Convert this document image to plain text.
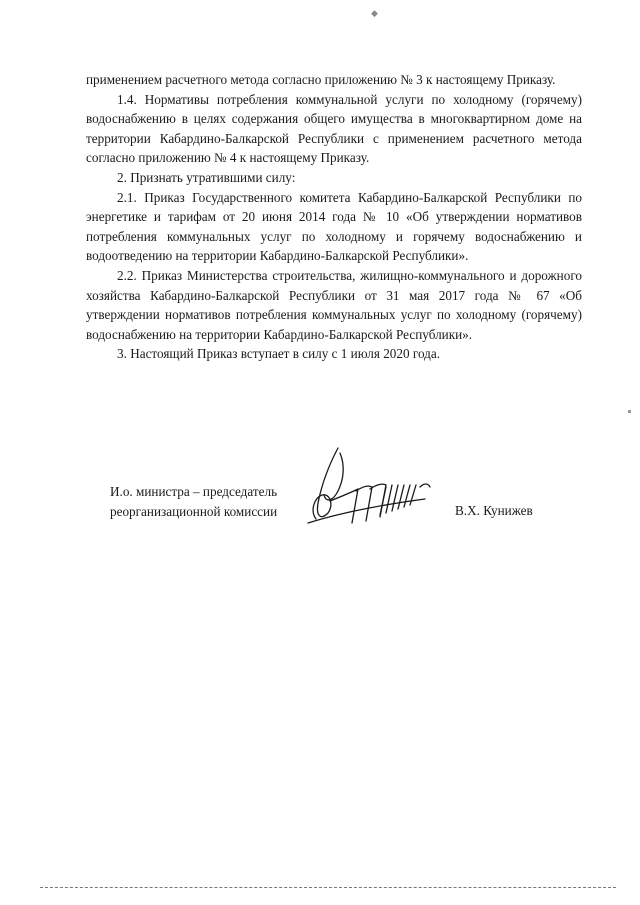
◆

применением расчетного метода согласно приложению № 3 к настоящему Приказу.

1.4. Нормативы потребления коммунальной услуги по холодному (горячему) водоснабжению в целях содержания общего имущества в многоквартирном доме на территории Кабардино-Балкарской Республики с применением расчетного метода согласно приложению № 4 к настоящему Приказу.

2. Признать утратившими силу:

2.1. Приказ Государственного комитета Кабардино-Балкарской Республики по энергетике и тарифам от 20 июня 2014 года № 10 «Об утверждении нормативов потребления коммунальных услуг по холодному и горячему водоснабжению и водоотведению на территории Кабардино-Балкарской Республики».

2.2. Приказ Министерства строительства, жилищно-коммунального и дорожного хозяйства Кабардино-Балкарской Республики от 31 мая 2017 года № 67 «Об утверждении нормативов потребления коммунальных услуг по холодному (горячему) водоснабжению на территории Кабардино-Балкарской Республики».

3. Настоящий Приказ вступает в силу с 1 июля 2020 года.

И.о. министра – председатель
реорганизационной комиссии	В.Х. Кунижев
